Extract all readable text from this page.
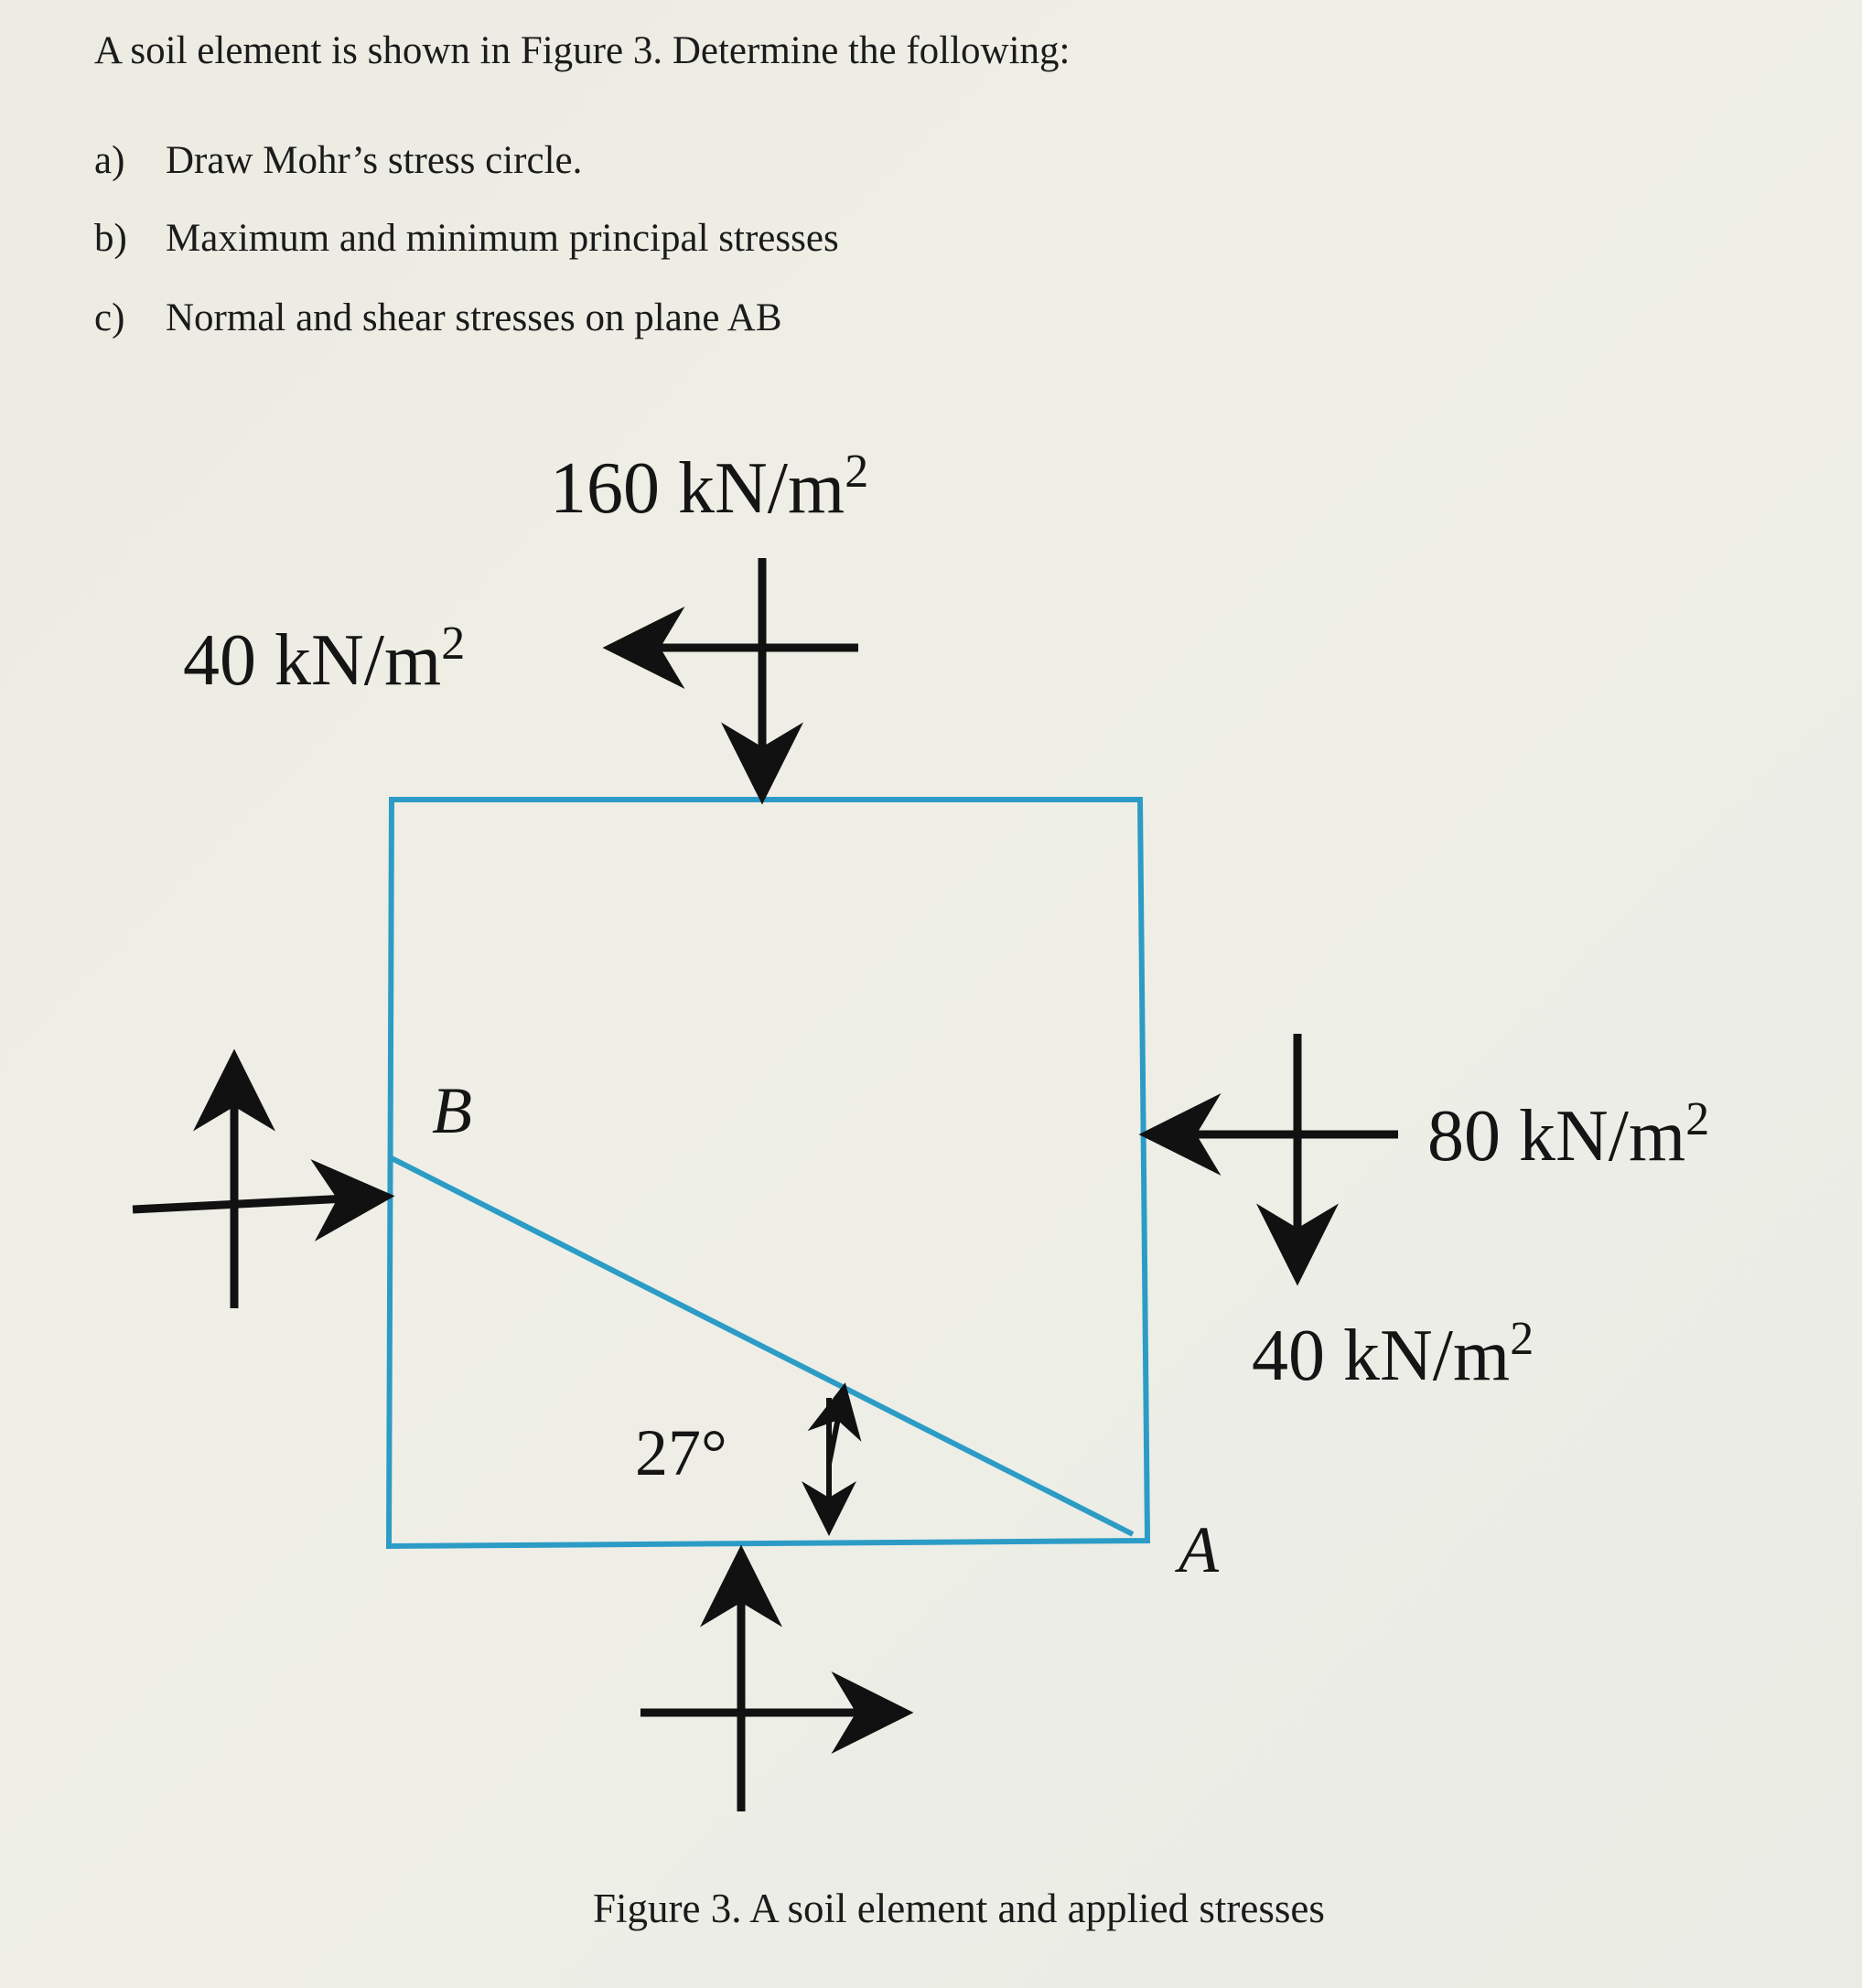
A soil element is shown in Figure 3. Determine the following:
a) Draw Mohr’s stress circle.
b) Maximum and minimum principal stresses
c) Normal and shear stresses on plane AB
160 $kN/m^2$
40 $kN/m^2$
80 $kN/m^2$
40 $kN/m^2$
B
A
27°
Figure 3. A soil element and applied stresses
